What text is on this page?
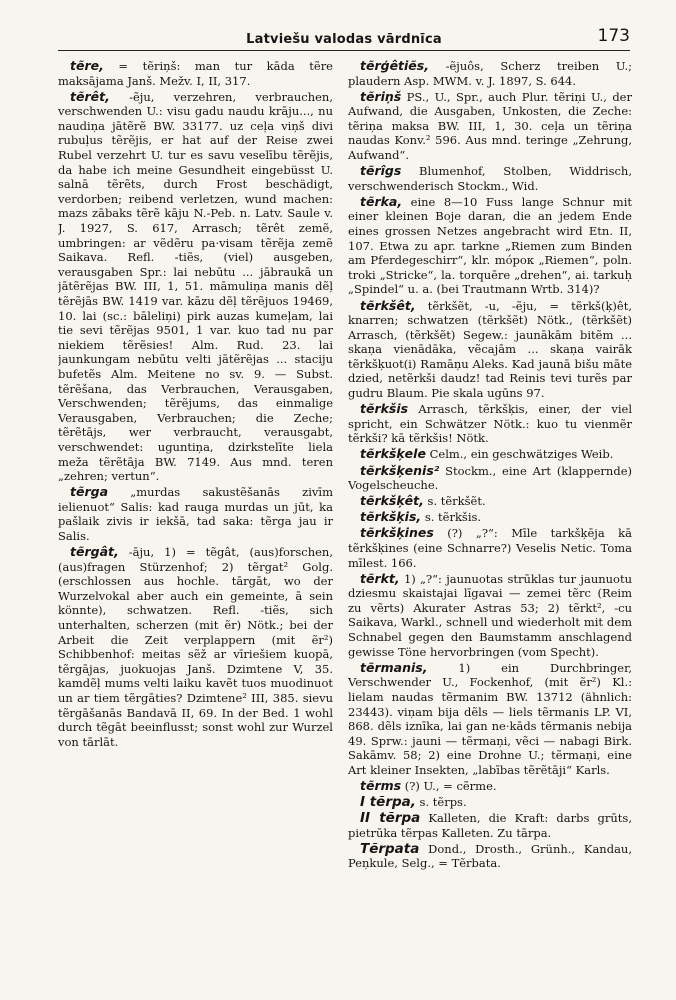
Latviešu valodas vārdnīca	173

tẽre, = tẽriņš: man tur kāda tẽre maksājama Janš. Mežv. I, II, 317.

tẽrêt, -ẽju, verzehren, verbrauchen, verschwenden U.: visu gadu naudu krāju..., nu naudiņa jātẽrẽ BW. 33177. uz ceļa viņš divi rubuļus tẽrẽjis, er hat auf der Reise zwei Rubel verzehrt U. tur es savu veselību tẽrẽjis, da habe ich meine Gesundheit eingebüsst U. salnā tẽrẽts, durch Frost beschädigt, verdorben; reibend verletzen, wund machen: mazs zābaks tẽrẽ kāju N.-Peb. n. Latv. Saule v. J. 1927, S. 617, Arrasch; tẽrêt zemẽ, umbringen: ar vẽdẽru pa·visam tẽrẽja zemẽ Saikava. Refl. -tiẽs, (viel) ausgeben, verausgaben Spr.: lai nebūtu ... jābraukā un jātẽrẽjas BW. III, 1, 51. māmuliņa manis dẽļ tẽrẽjās BW. 1419 var. kāzu dẽļ tẽrẽjuos 19469, 10. lai (sc.: bāleliņi) pirk auzas kumeļam, lai tie sevi tẽrẽjas 9501, 1 var. kuo tad nu par niekiem tẽrẽsies! Alm. Rud. 23. lai jaunkungam nebūtu velti jātẽrẽjas ... staciju bufetẽs Alm. Meitene no sv. 9. — Subst. tẽrẽšana, das Verbrauchen, Verausgaben, Verschwenden; tẽrẽjums, das einmalige Verausgaben, Verbrauchen; die Zeche; tẽrẽtājs, wer verbraucht, verausgabt, verschwendet: uguntiņa, dzirkstelīte liela meža tẽrẽtāja BW. 7149. Aus mnd. teren „zehren; vertun“.

tẽrga „murdas sakustẽšanās zivīm ielienuot“ Salis: kad rauga murdas un jūt, ka pašlaik zivis ir iekšā, tad saka: tẽrga jau ir Salis.

tẽrgât, -āju, 1) = tẽgât, (aus)forschen, (aus)fragen Stürzenhof; 2) tẽrgat² Golg. (erschlossen aus hochle. tārgāt, wo der Wurzelvokal aber auch ein gemeinte, ā sein könnte), schwatzen. Refl. -tiẽs, sich unterhalten, scherzen (mit ẽr) Nötk.; bei der Arbeit die Zeit verplappern (mit ẽr²) Schibbenhof: meitas sẽž ar vīriešiem kuopā, tẽrgājas, juokuojas Janš. Dzimtene V, 35. kamdẽļ mums velti laiku kavẽt tuos muodinuot un ar tiem tẽrgāties? Dzimtene² III, 385. sievu tẽrgāšanās Bandavā II, 69. In der Bed. 1 wohl durch tẽgāt beeinflusst; sonst wohl zur Wurzel von tārlāt.

tẽrģêtiẽs, -ẽjuôs, Scherz treiben U.; plaudern Asp. MWM. v. J. 1897, S. 644.

tẽriņš PS., U., Spr., auch Plur. tẽriņi U., der Aufwand, die Ausgaben, Unkosten, die Zeche: tẽriņa maksa BW. III, 1, 30. ceļa un tẽriņa naudas Konv.² 596. Aus mnd. teringe „Zehrung, Aufwand“.

tẽrîgs Blumenhof, Stolben, Widdrisch, verschwenderisch Stockm., Wid.

tẽrka, eine 8—10 Fuss lange Schnur mit einer kleinen Boje daran, die an jedem Ende eines grossen Netzes angebracht wird Etn. II, 107. Etwa zu apr. tarkne „Riemen zum Binden am Pferdegeschirr“, klr. móрок „Riemen“, poln. troki „Stricke“, la. torquēre „drehen“, ai. tarkuḥ „Spindel“ u. a. (bei Trautmann Wrtb. 314)?

tẽrkšêt, tẽrkšẽt, -u, -ẽju, = tẽrkš(ķ)êt, knarren; schwatzen (tẽrkšẽt) Nötk., (tẽrkšẽt) Arrasch, (tẽrkšẽt) Segew.: jaunākām bitẽm ... skaņa vienādāka, vẽcajām ... skaņa vairāk tẽrkšķuot(i) Ramāņu Aleks. Kad jaunā bišu māte dzied, netẽrkši daudz! tad Reinis tevi turẽs par gudru Blaum. Pie skala ugūns 97.

tẽrkšis Arrasch, tẽrkšķis, einer, der viel spricht, ein Schwätzer Nötk.: kuo tu vienmẽr tẽrkši? kā tẽrkšis! Nötk.

tẽrkšķele Celm., ein geschwätziges Weib.

tẽrkšķenis² Stockm., eine Art (klappernde) Vogelscheuche.

tẽrkšķêt, s. tẽrkšẽt.

tẽrkšķis, s. tẽrkšis.

tẽrkšķines (?) „?“: Mīle tarkšķēja kā tẽrkšķines (eine Schnarre?) Veselis Netic. Toma mīlest. 166.

tẽrkt, 1) „?“: jaunuotas strūklas tur jaunuotu dziesmu skaistajai līgavai — zemei tẽrc (Reim zu vẽrts) Akurater Astras 53; 2) tẽrkt², -cu Saikava, Warkl., schnell und wiederholt mit dem Schnabel gegen den Baumstamm anschlagend gewisse Töne hervorbringen (vom Specht).

tẽrmanis, 1) ein Durchbringer, Verschwender U., Fockenhof, (mit ẽr²) Kl.: lielam naudas tẽrmanim BW. 13712 (ähnlich: 23443). viņam bija dẽls — liels tẽrmanis LP. VI, 868. dẽls iznīka, lai gan ne·kāds tẽrmanis nebija 49. Sprw.: jauni — tẽrmaņi, vẽci — nabagi Birk. Sakāmv. 58; 2) eine Drohne U.; tẽrmaņi, eine Art kleiner Insekten, „labības tẽrẽtāji“ Karls.

tẽrms (?) U., = cẽrme.

I tẽrpa, s. tẽrps.

II tẽrpa Kalleten, die Kraft: darbs grūts, pietrūka tẽrpas Kalleten. Zu tārpa.

Tẽrpata Dond., Drosth., Grünh., Kandau, Peņkule, Selg., = Tẽrbata.
